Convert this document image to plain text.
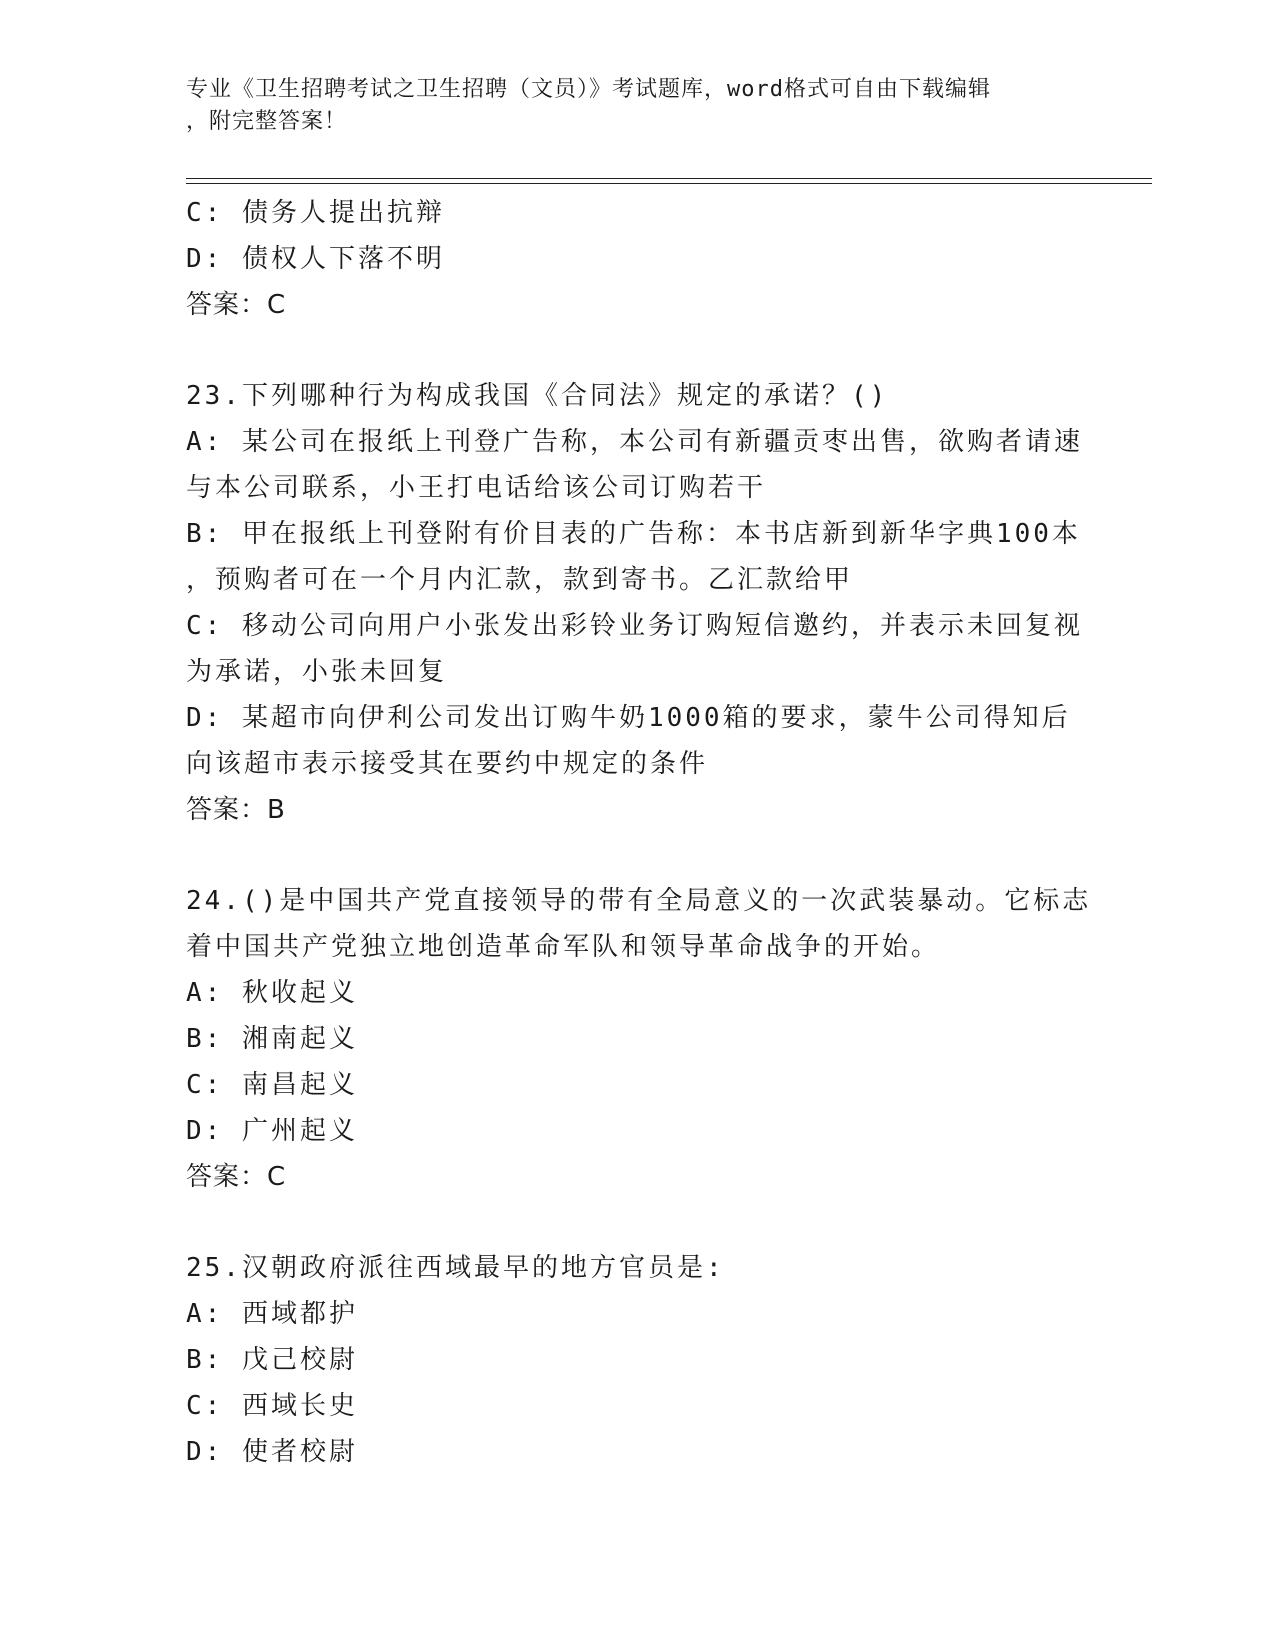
专业《卫生招聘考试之卫生招聘（文员）》考试题库，word格式可自由下载编辑
，附完整答案！
C: 债务人提出抗辩
D: 债权人下落不明
答案：C
23.下列哪种行为构成我国《合同法》规定的承诺？()
A: 某公司在报纸上刊登广告称，本公司有新疆贡枣出售，欲购者请速
与本公司联系，小王打电话给该公司订购若干
B: 甲在报纸上刊登附有价目表的广告称：本书店新到新华字典100本
，预购者可在一个月内汇款，款到寄书。乙汇款给甲
C: 移动公司向用户小张发出彩铃业务订购短信邀约，并表示未回复视
为承诺，小张未回复
D: 某超市向伊利公司发出订购牛奶1000箱的要求，蒙牛公司得知后
向该超市表示接受其在要约中规定的条件
答案：B
24.()是中国共产党直接领导的带有全局意义的一次武装暴动。它标志
着中国共产党独立地创造革命军队和领导革命战争的开始。
A: 秋收起义
B: 湘南起义
C: 南昌起义
D: 广州起义
答案：C
25.汉朝政府派往西域最早的地方官员是:
A: 西域都护
B: 戊己校尉
C: 西域长史
D: 使者校尉
